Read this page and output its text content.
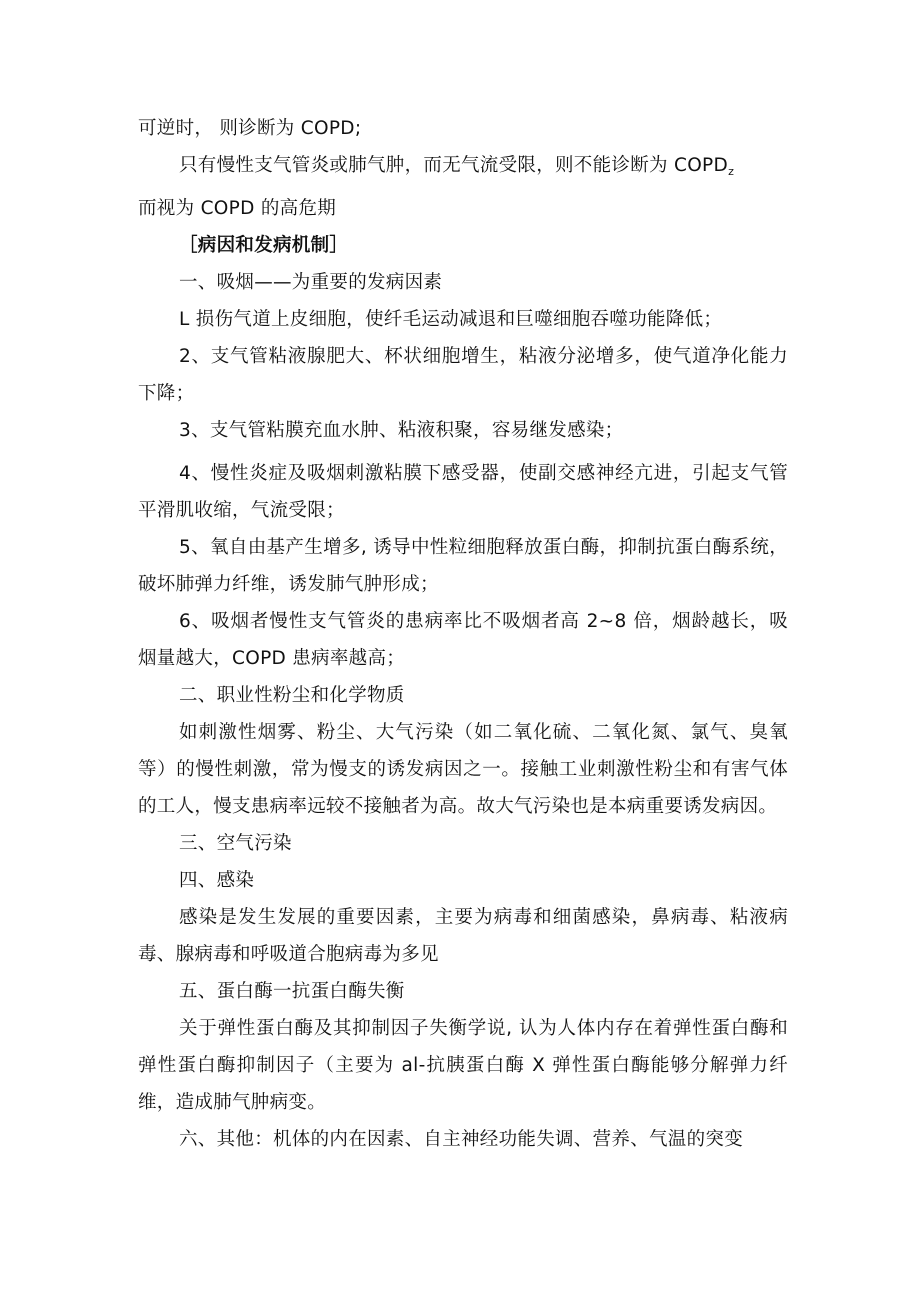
可逆时， 则诊断为 COPD;

只有慢性支气管炎或肺气肿，而无气流受限，则不能诊断为 $COPD_z$

而视为 COPD 的高危期

［病因和发病机制］

一、吸烟——为重要的发病因素

L 损伤气道上皮细胞，使纤毛运动减退和巨噬细胞吞噬功能降低；

2、支气管粘液腺肥大、杯状细胞增生，粘液分泌增多，使气道净化能力下降；

3、支气管粘膜充血水肿、粘液积聚，容易继发感染；

4、慢性炎症及吸烟刺激粘膜下感受器，使副交感神经亢进，引起支气管平滑肌收缩，气流受限；

5、氧自由基产生增多, 诱导中性粒细胞释放蛋白酶，抑制抗蛋白酶系统，破坏肺弹力纤维，诱发肺气肿形成；

6、吸烟者慢性支气管炎的患病率比不吸烟者高 2~8 倍，烟龄越长，吸烟量越大，COPD 患病率越高；

二、职业性粉尘和化学物质

如刺激性烟雾、粉尘、大气污染（如二氧化硫、二氧化氮、氯气、臭氧等）的慢性刺激，常为慢支的诱发病因之一。接触工业刺激性粉尘和有害气体的工人，慢支患病率远较不接触者为高。故大气污染也是本病重要诱发病因。

三、空气污染

四、感染

感染是发生发展的重要因素，主要为病毒和细菌感染，鼻病毒、粘液病毒、腺病毒和呼吸道合胞病毒为多见

五、蛋白酶一抗蛋白酶失衡

关于弹性蛋白酶及其抑制因子失衡学说, 认为人体内存在着弹性蛋白酶和弹性蛋白酶抑制因子（主要为 al-抗胰蛋白酶 X 弹性蛋白酶能够分解弹力纤维，造成肺气肿病变。

六、其他：机体的内在因素、自主神经功能失调、营养、气温的突变
